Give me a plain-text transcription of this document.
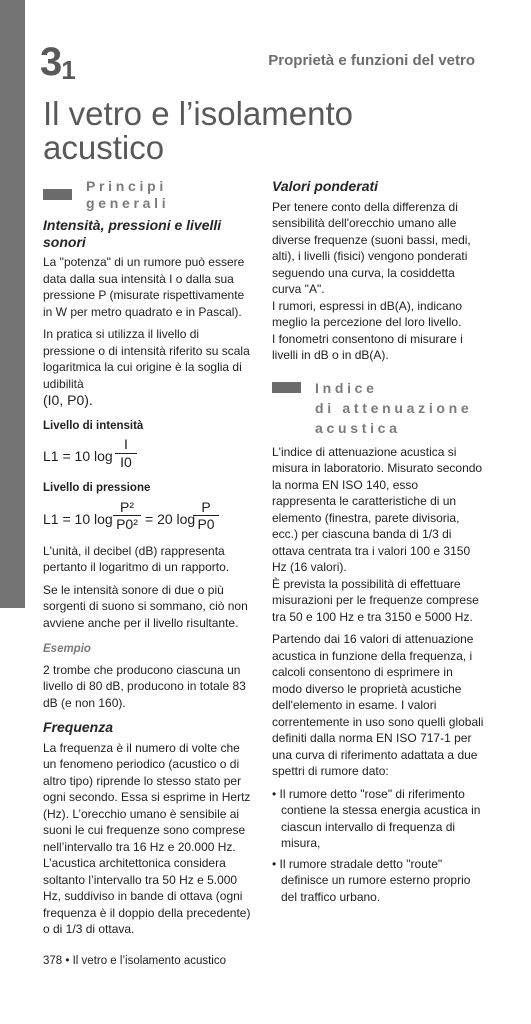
$3_1$	Proprietà e funzioni del vetro
Il vetro e l’isolamento
acustico
Principi generali
Intensità, pressioni e livelli sonori

La "potenza" di un rumore può essere data dalla sua intensità I o dalla sua pressione P (misurate rispettivamente in W per metro quadrato e in Pascal).

In pratica si utilizza il livello di pressione o di intensità riferito su scala logaritmica la cui origine è la soglia di udibilità
(I0, P0).

Livello di intensità
L1 = 10 $\log \frac{I}{I0}$
Livello di pressione
L1 = 10 $\log \frac{\text{P²}}{\text{P0²}} = 20$ log
$\frac{P}{P0}$

L'unità, il decibel (dB) rappresenta pertanto il logaritmo di un rapporto.

Se le intensità sonore di due o più sorgenti di suono si sommano, ciò non avviene anche per il livello risultante.

Esempio

2 trombe che producono ciascuna un livello di 80 dB, producono in totale 83 dB (e non 160).

Frequenza

La frequenza è il numero di volte che un fenomeno periodico (acustico o di altro tipo) riprende lo stesso stato per ogni secondo. Essa si esprime in Hertz (Hz). L’orecchio umano è sensibile ai suoni le cui frequenze sono comprese nell’intervallo tra 16 Hz e 20.000 Hz. L’acustica architettonica considera soltanto l’intervallo tra 50 Hz e 5.000 Hz, suddiviso in bande di ottava (ogni frequenza è il doppio della precedente) o di 1/3 di ottava.

Valori ponderati

Per tenere conto della differenza di sensibilità dell'orecchio umano alle diverse frequenze (suoni bassi, medi, alti), i livelli (fisici) vengono ponderati seguendo una curva, la cosiddetta curva "A".

I rumori, espressi in dB(A), indicano meglio la percezione del loro livello.

I fonometri consentono di misurare i livelli in dB o in dB(A).

Indice
di attenuazione
acustica

L'indice di attenuazione acustica si misura in laboratorio. Misurato secondo la norma EN ISO 140, esso rappresenta le caratteristiche di un elemento (finestra, parete divisoria, ecc.) per ciascuna banda di 1/3 di ottava centrata tra i valori 100 e 3150 Hz (16 valori).

È prevista la possibilità di effettuare misurazioni per le frequenze comprese tra 50 e 100 Hz e tra 3150 e 5000 Hz.

Partendo dai 16 valori di attenuazione acustica in funzione della frequenza, i calcoli consentono di esprimere in modo diverso le proprietà acustiche dell'elemento in esame. I valori correntemente in uso sono quelli globali definiti dalla norma EN ISO 717-1 per una curva di riferimento adattata a due spettri di rumore dato:

• Il rumore detto "rose" di riferimento contiene la stessa energia acustica in ciascun intervallo di frequenza di misura,
• Il rumore stradale detto "route" definisce un rumore esterno proprio del traffico urbano.
378 • Il vetro e l’isolamento acustico
